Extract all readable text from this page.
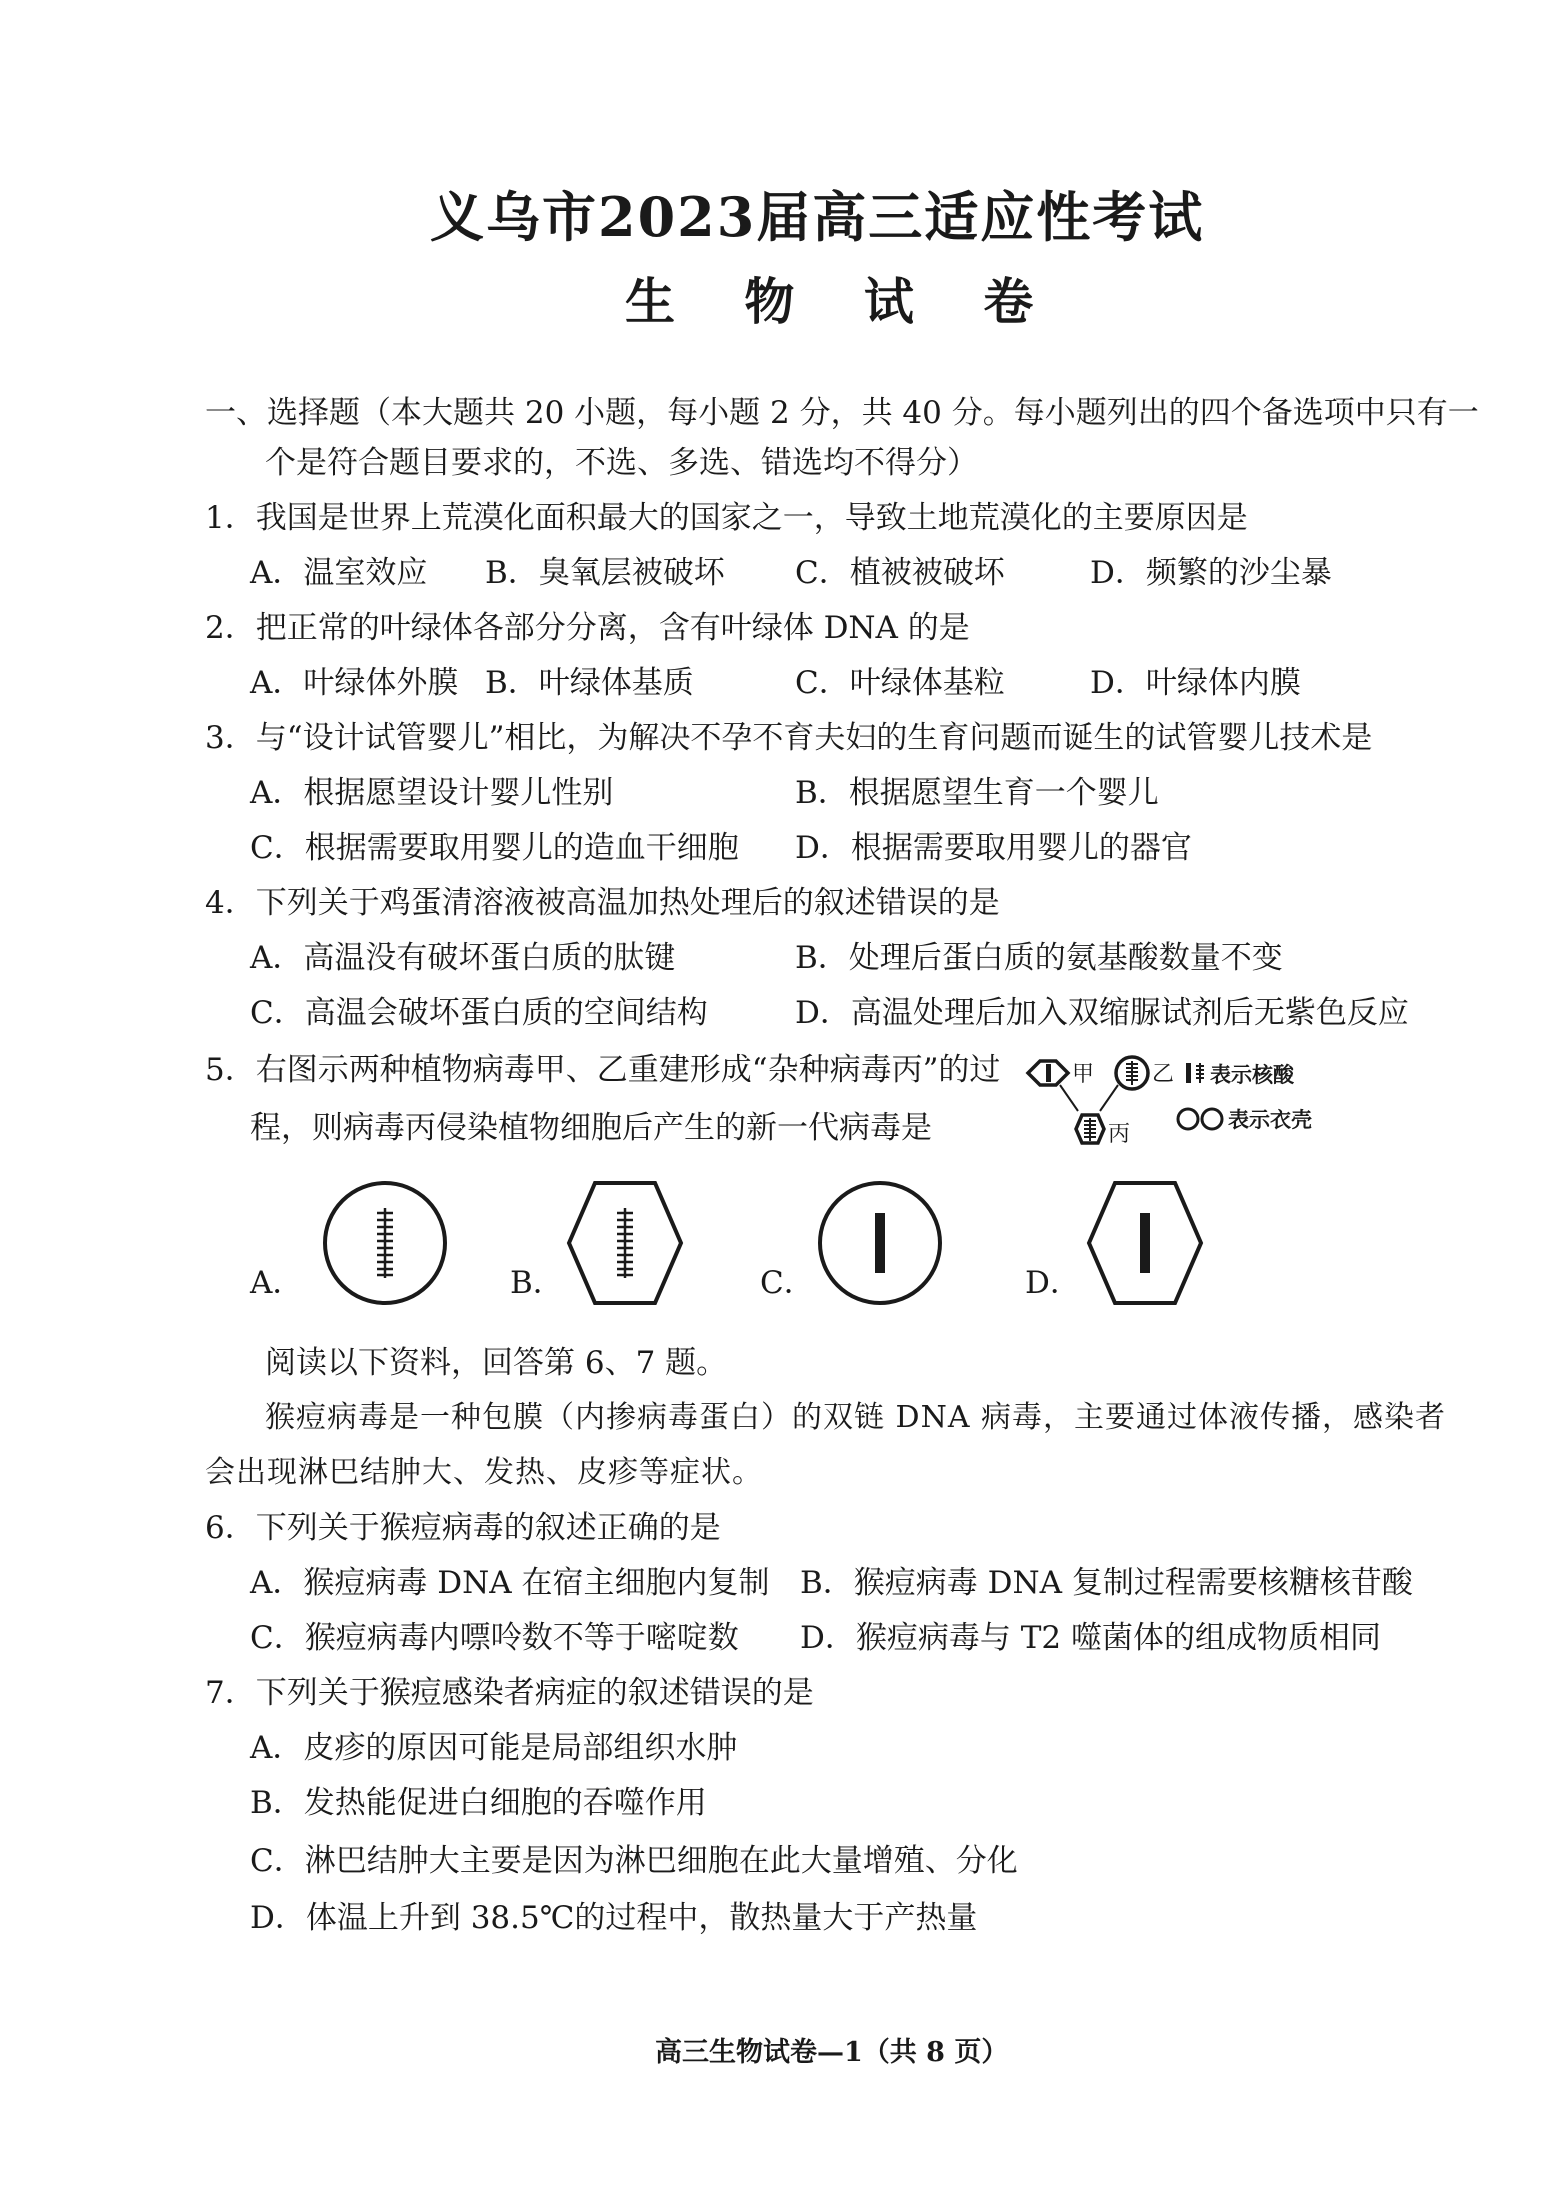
义乌市2023届高三适应性考试
生 物 试 卷
一、选择题（本大题共 20 小题，每小题 2 分，共 40 分。每小题列出的四个备选项中只有一
个是符合题目要求的，不选、多选、错选均不得分）
1．我国是世界上荒漠化面积最大的国家之一，导致土地荒漠化的主要原因是
A．温室效应 B．臭氧层被破坏 C．植被被破坏	D．频繁的沙尘暴
2．把正常的叶绿体各部分分离，含有叶绿体 DNA 的是
A．叶绿体外膜 B．叶绿体基质	C．叶绿体基粒	D．叶绿体内膜
3．与“设计试管婴儿”相比，为解决不孕不育夫妇的生育问题而诞生的试管婴儿技术是
A．根据愿望设计婴儿性别	B．根据愿望生育一个婴儿
C．根据需要取用婴儿的造血干细胞 D．根据需要取用婴儿的器官
4．下列关于鸡蛋清溶液被高温加热处理后的叙述错误的是
A．高温没有破坏蛋白质的肽键	B．处理后蛋白质的氨基酸数量不变
C．高温会破坏蛋白质的空间结构	D．高温处理后加入双缩脲试剂后无紫色反应
5．右图示两种植物病毒甲、乙重建形成“杂种病毒丙”的过
程，则病毒丙侵染植物细胞后产生的新一代病毒是
甲	乙
丙
表示核酸
表示衣壳
A．	B．	C．	D．
阅读以下资料，回答第 6、7 题。
猴痘病毒是一种包膜（内掺病毒蛋白）的双链 DNA 病毒，主要通过体液传播，感染者
会出现淋巴结肿大、发热、皮疹等症状。
6．下列关于猴痘病毒的叙述正确的是
A．猴痘病毒 DNA 在宿主细胞内复制 B．猴痘病毒 DNA 复制过程需要核糖核苷酸
C．猴痘病毒内嘌呤数不等于嘧啶数 D．猴痘病毒与 T2 噬菌体的组成物质相同
7．下列关于猴痘感染者病症的叙述错误的是
A．皮疹的原因可能是局部组织水肿
B．发热能促进白细胞的吞噬作用
C．淋巴结肿大主要是因为淋巴细胞在此大量增殖、分化
D．体温上升到 38.5℃的过程中，散热量大于产热量
高三生物试卷—1（共 8 页）
